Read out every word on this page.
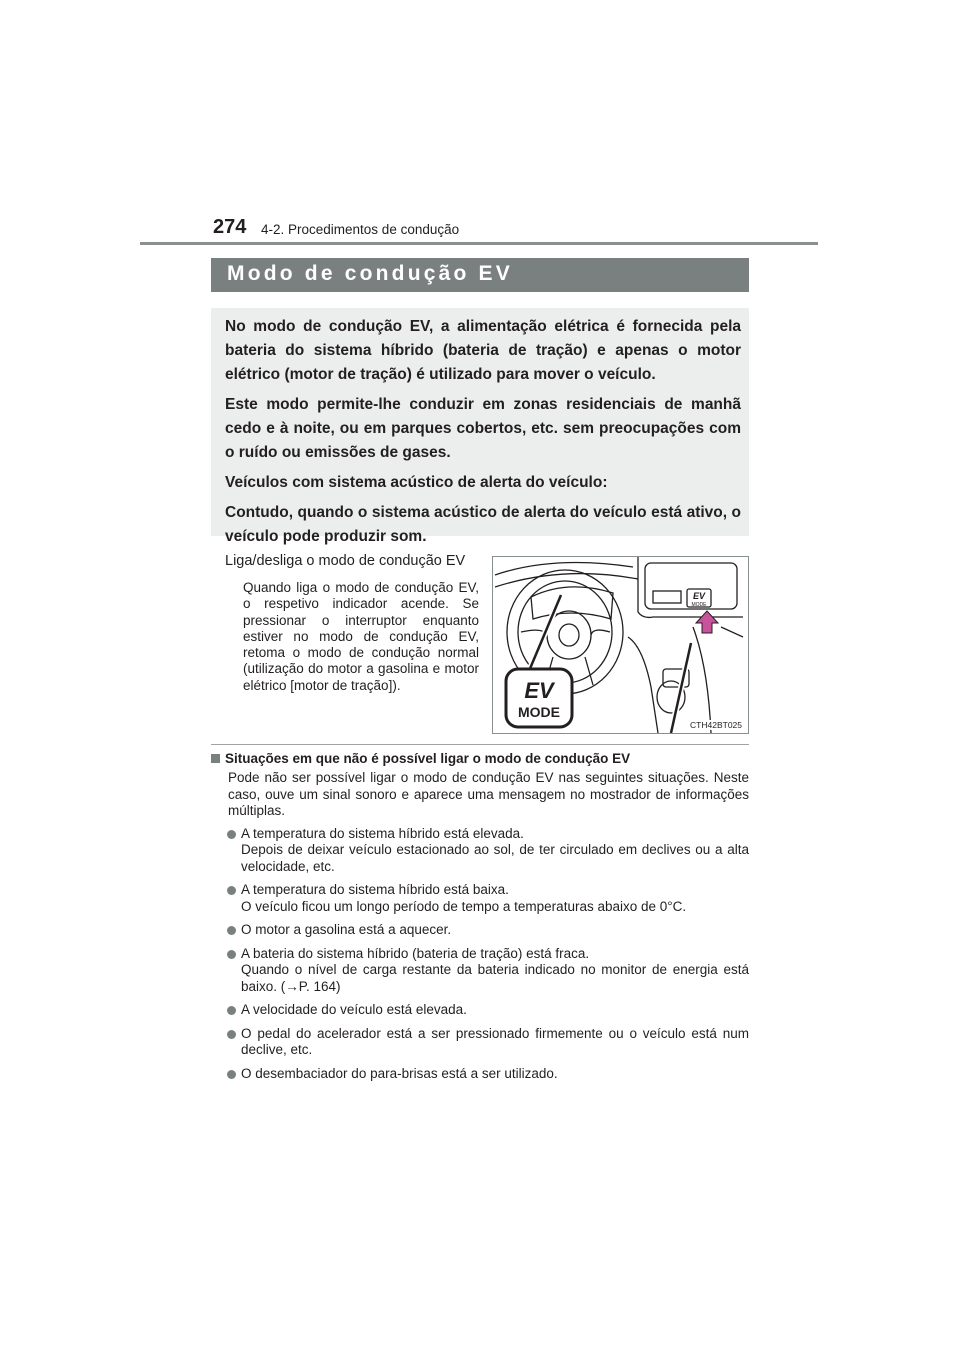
274 4-2. Procedimentos de condução
Modo de condução EV

No modo de condução EV, a alimentação elétrica é fornecida pela bateria do sistema híbrido (bateria de tração) e apenas o motor elétrico (motor de tração) é utilizado para mover o veículo.

Este modo permite-lhe conduzir em zonas residenciais de manhã cedo e à noite, ou em parques cobertos, etc. sem preocupações com o ruído ou emissões de gases.

Veículos com sistema acústico de alerta do veículo:

Contudo, quando o sistema acústico de alerta do veículo está ativo, o veículo pode produzir som.

Liga/desliga o modo de condução EV
Quando liga o modo de condução EV, o respetivo indicador acende. Se pressionar o interruptor enquanto estiver no modo de condução EV, retoma o modo de condução normal (utilização do motor a gasolina e motor elétrico [motor de tração]).
EV
MODE
EV
MODE
CTH42BT025
Situações em que não é possível ligar o modo de condução EV
Pode não ser possível ligar o modo de condução EV nas seguintes situações. Neste caso, ouve um sinal sonoro e aparece uma mensagem no mostrador de informações múltiplas.
A temperatura do sistema híbrido está elevada.
Depois de deixar veículo estacionado ao sol, de ter circulado em declives ou a alta velocidade, etc.
A temperatura do sistema híbrido está baixa.
O veículo ficou um longo período de tempo a temperaturas abaixo de 0°C.
O motor a gasolina está a aquecer.
A bateria do sistema híbrido (bateria de tração) está fraca.
Quando o nível de carga restante da bateria indicado no monitor de energia está baixo. (→P. 164)
A velocidade do veículo está elevada.
O pedal do acelerador está a ser pressionado firmemente ou o veículo está num declive, etc.
O desembaciador do para-brisas está a ser utilizado.
